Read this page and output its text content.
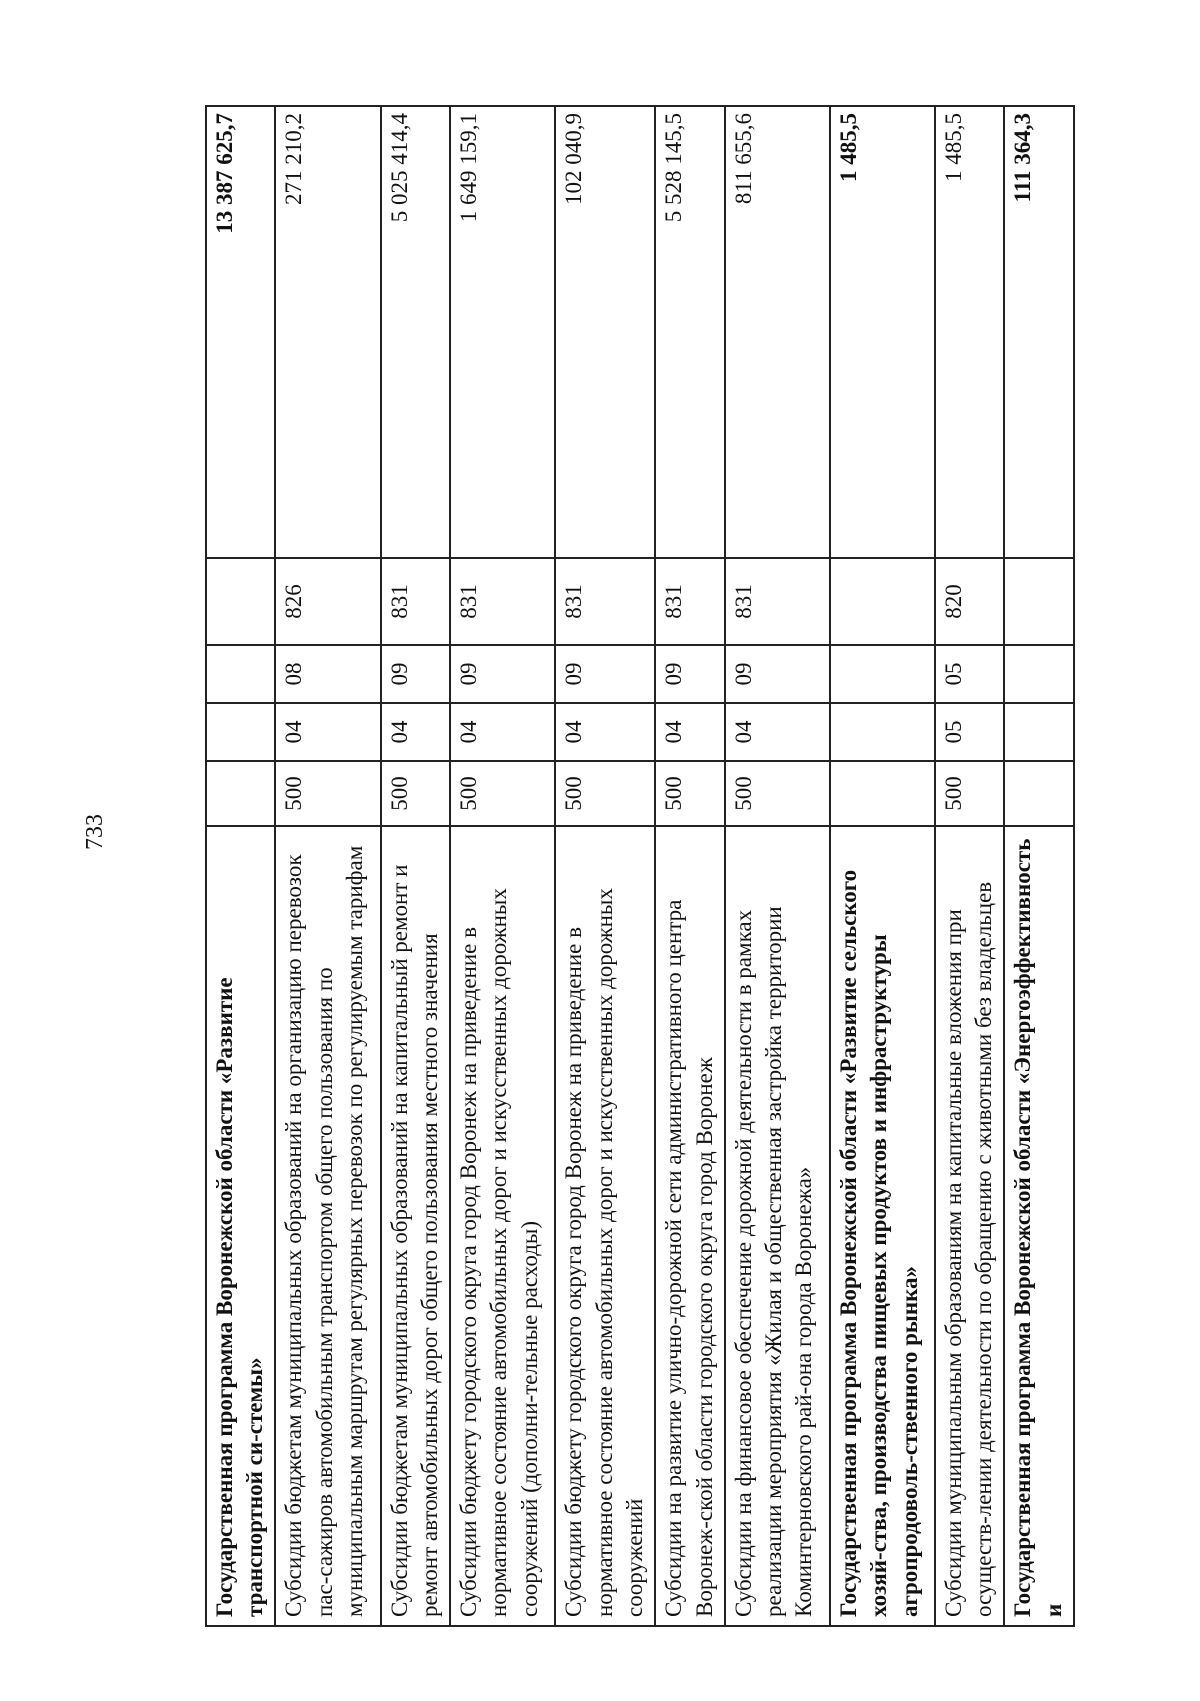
733
Государственная программа Воронежской области «Развитие транспортной си-стемы»					13 387 625,7
Субсидии бюджетам муниципальных образований на организацию перевозок пас-сажиров автомобильным транспортом общего пользования по муниципальным маршрутам регулярных перевозок по регулируемым тарифам	500	04	08	826	271 210,2
Субсидии бюджетам муниципальных образований на капитальный ремонт и ремонт автомобильных дорог общего пользования местного значения	500	04	09	831	5 025 414,4
Субсидии бюджету городского округа город Воронеж на приведение в нормативное состояние автомобильных дорог и искусственных дорожных сооружений (дополни-тельные расходы)	500	04	09	831	1 649 159,1
Субсидии бюджету городского округа город Воронеж на приведение в нормативное состояние автомобильных дорог и искусственных дорожных сооружений	500	04	09	831	102 040,9
Субсидии на развитие улично-дорожной сети административного центра Воронеж-ской области городского округа город Воронеж	500	04	09	831	5 528 145,5
Субсидии на финансовое обеспечение дорожной деятельности в рамках реализации мероприятия «Жилая и общественная застройка территории Коминтерновского рай-она города Воронежа»	500	04	09	831	811 655,6
Государственная программа Воронежской области «Развитие сельского хозяй-ства, производства пищевых продуктов и инфраструктуры агропродоволь-ственного рынка»					1 485,5
Субсидии муниципальным образованиям на капитальные вложения при осуществ-лении деятельности по обращению с животными без владельцев	500	05	05	820	1 485,5
Государственная программа Воронежской области «Энергоэффективность и					111 364,3
